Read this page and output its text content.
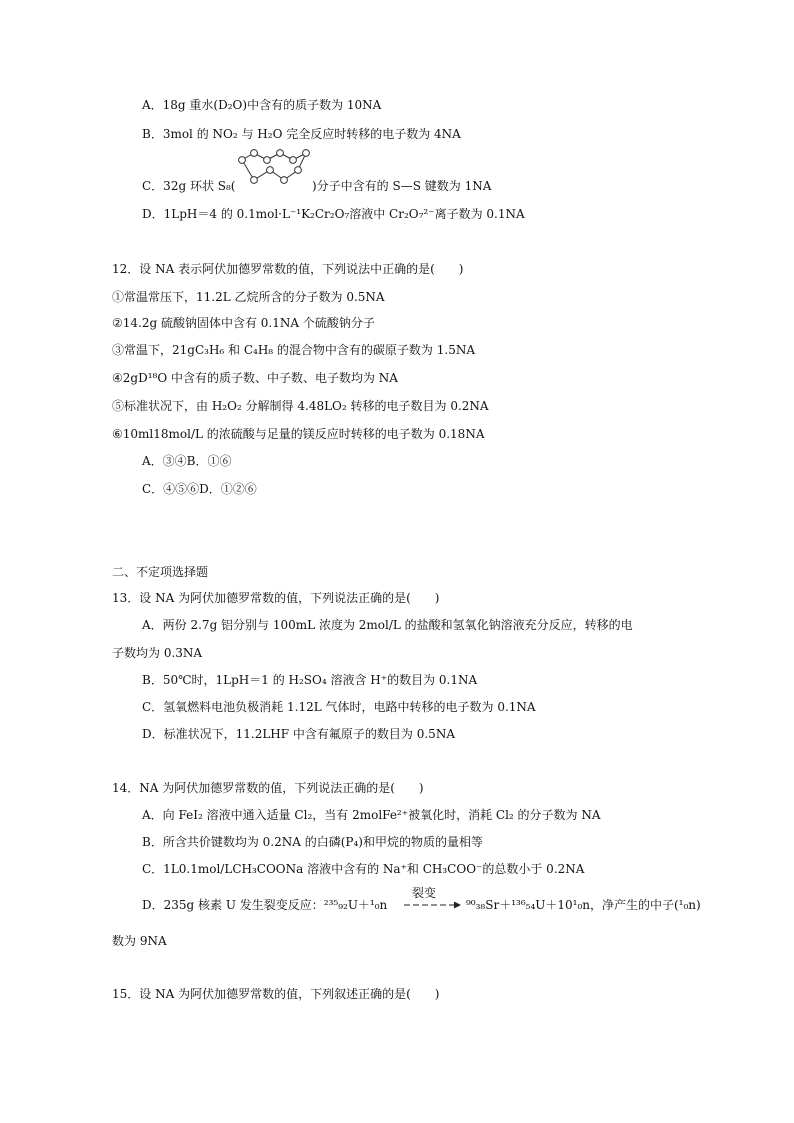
A．18g 重水(D₂O)中含有的质子数为 10NA
B．3mol 的 NO₂ 与 H₂O 完全反应时转移的电子数为 4NA
C．32g 环状 S₈(	)分子中含有的 S—S 键数为 1NA
D．1LpH＝4 的 0.1mol·L⁻¹K₂Cr₂O₇溶液中 Cr₂O₇²⁻离子数为 0.1NA
12．设 NA 表示阿伏加德罗常数的值，下列说法中正确的是(　　)
①常温常压下，11.2L 乙烷所含的分子数为 0.5NA
②14.2g 硫酸钠固体中含有 0.1NA 个硫酸钠分子
③常温下，21gC₃H₆ 和 C₄H₈ 的混合物中含有的碳原子数为 1.5NA
④2gD¹⁸O 中含有的质子数、中子数、电子数均为 NA
⑤标准状况下，由 H₂O₂ 分解制得 4.48LO₂ 转移的电子数目为 0.2NA
⑥10ml18mol/L 的浓硫酸与足量的镁反应时转移的电子数为 0.18NA
A．③④B．①⑥
C．④⑤⑥D．①②⑥
二、不定项选择题
13．设 NA 为阿伏加德罗常数的值，下列说法正确的是(　　)
A．两份 2.7g 铝分别与 100mL 浓度为 2mol/L 的盐酸和氢氧化钠溶液充分反应，转移的电
子数均为 0.3NA
B．50℃时，1LpH＝1 的 H₂SO₄ 溶液含 H⁺的数目为 0.1NA
C．氢氧燃料电池负极消耗 1.12L 气体时，电路中转移的电子数为 0.1NA
D．标准状况下，11.2LHF 中含有氟原子的数目为 0.5NA
14．NA 为阿伏加德罗常数的值，下列说法正确的是(　　)
A．向 FeI₂ 溶液中通入适量 Cl₂，当有 2molFe²⁺被氧化时，消耗 Cl₂ 的分子数为 NA
B．所含共价键数均为 0.2NA 的白磷(P₄)和甲烷的物质的量相等
C．1L0.1mol/LCH₃COONa 溶液中含有的 Na⁺和 CH₃COO⁻的总数小于 0.2NA
D．235g 核素 U 发生裂变反应：²³⁵₉₂U＋¹₀n
裂变
⁹⁰₃₈Sr＋¹³⁶₅₄U＋10¹₀n，净产生的中子(¹₀n)
数为 9NA
15．设 NA 为阿伏加德罗常数的值，下列叙述正确的是(　　)
